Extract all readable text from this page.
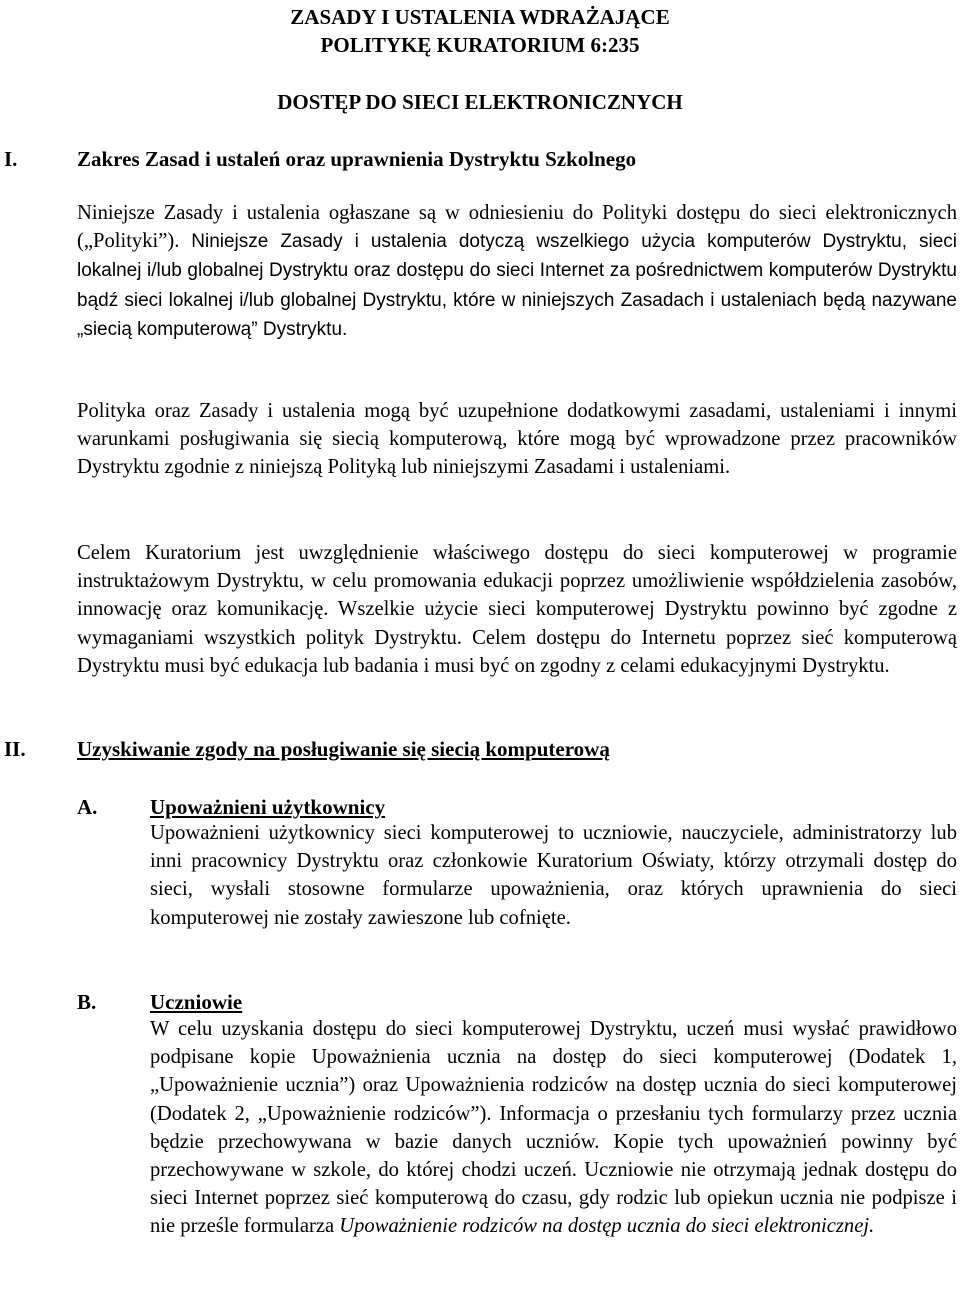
ZASADY I USTALENIA WDRAŻAJĄCE
POLITYKĘ KURATORIUM 6:235
DOSTĘP DO SIECI ELEKTRONICZNYCH
I.	Zakres Zasad i ustaleń oraz uprawnienia Dystryktu Szkolnego

Niniejsze Zasady i ustalenia ogłaszane są w odniesieniu do Polityki dostępu do sieci elektronicznych („Polityki”). Niniejsze Zasady i ustalenia dotyczą wszelkiego użycia komputerów Dystryktu, sieci lokalnej i/lub globalnej Dystryktu oraz dostępu do sieci Internet za pośrednictwem komputerów Dystryktu bądź sieci lokalnej i/lub globalnej Dystryktu, które w niniejszych Zasadach i ustaleniach będą nazywane „siecią komputerową” Dystryktu.

Polityka oraz Zasady i ustalenia mogą być uzupełnione dodatkowymi zasadami, ustaleniami i innymi warunkami posługiwania się siecią komputerową, które mogą być wprowadzone przez pracowników Dystryktu zgodnie z niniejszą Polityką lub niniejszymi Zasadami i ustaleniami.

Celem Kuratorium jest uwzględnienie właściwego dostępu do sieci komputerowej w programie instruktażowym Dystryktu, w celu promowania edukacji poprzez umożliwienie współdzielenia zasobów, innowację oraz komunikację. Wszelkie użycie sieci komputerowej Dystryktu powinno być zgodne z wymaganiami wszystkich polityk Dystryktu. Celem dostępu do Internetu poprzez sieć komputerową Dystryktu musi być edukacja lub badania i musi być on zgodny z celami edukacyjnymi Dystryktu.

II. Uzyskiwanie zgody na posługiwanie się siecią komputerową
A.	Upoważnieni użytkownicy

Upoważnieni użytkownicy sieci komputerowej to uczniowie, nauczyciele, administratorzy lub inni pracownicy Dystryktu oraz członkowie Kuratorium Oświaty, którzy otrzymali dostęp do sieci, wysłali stosowne formularze upoważnienia, oraz których uprawnienia do sieci komputerowej nie zostały zawieszone lub cofnięte.

B.	Uczniowie

W celu uzyskania dostępu do sieci komputerowej Dystryktu, uczeń musi wysłać prawidłowo podpisane kopie Upoważnienia ucznia na dostęp do sieci komputerowej (Dodatek 1, „Upoważnienie ucznia”) oraz Upoważnienia rodziców na dostęp ucznia do sieci komputerowej (Dodatek 2, „Upoważnienie rodziców”). Informacja o przesłaniu tych formularzy przez ucznia będzie przechowywana w bazie danych uczniów. Kopie tych upoważnień powinny być przechowywane w szkole, do której chodzi uczeń. Uczniowie nie otrzymają jednak dostępu do sieci Internet poprzez sieć komputerową do czasu, gdy rodzic lub opiekun ucznia nie podpisze i nie prześle formularza Upoważnienie rodziców na dostęp ucznia do sieci elektronicznej.
